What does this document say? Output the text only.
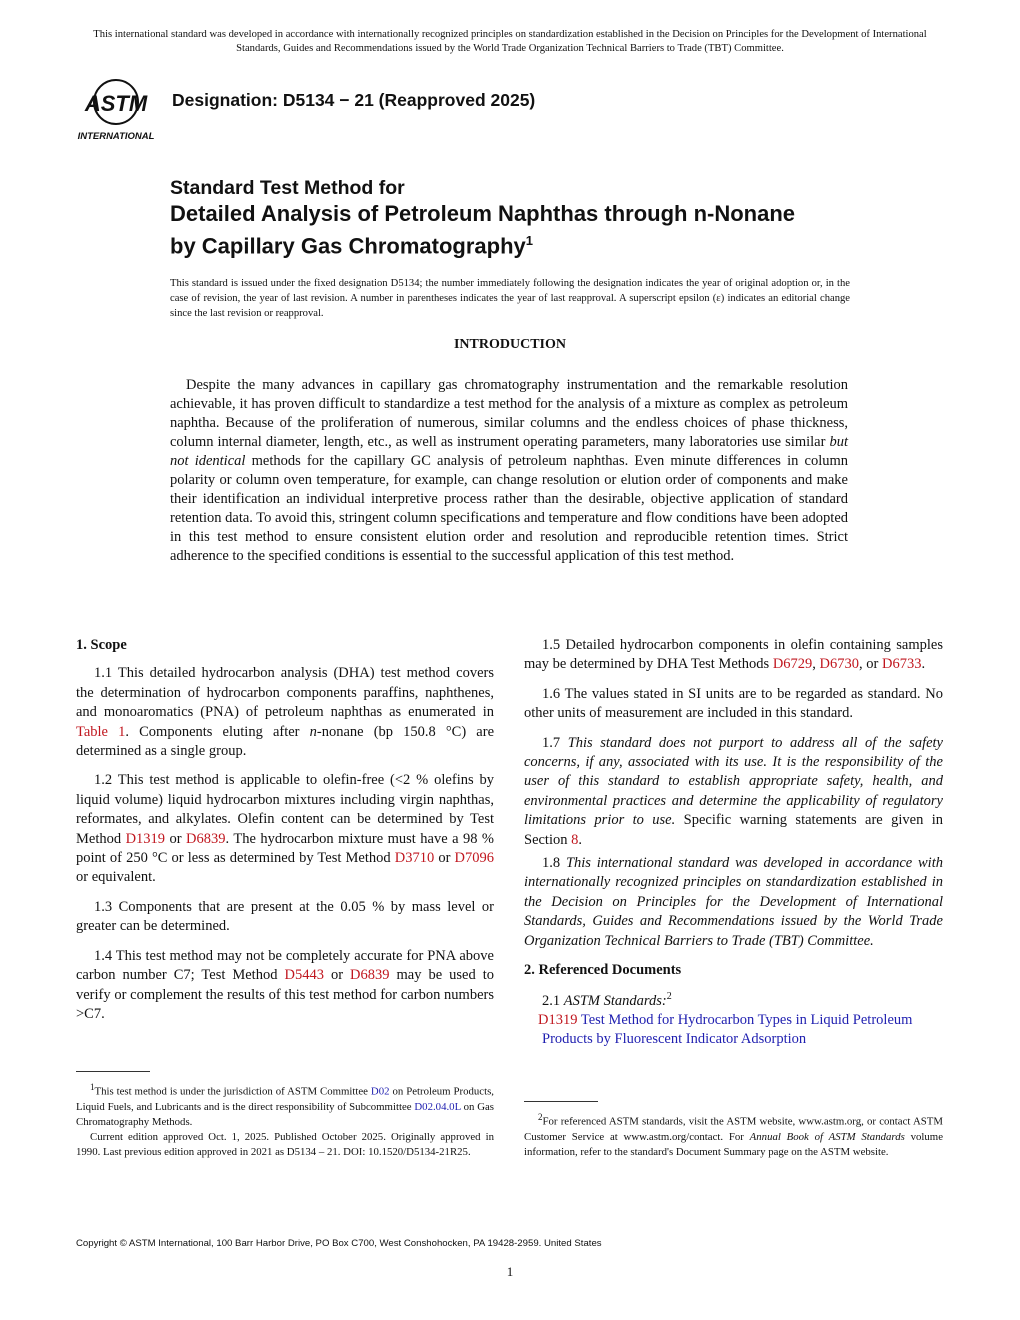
This international standard was developed in accordance with internationally recognized principles on standardization established in the Decision on Principles for the Development of International Standards, Guides and Recommendations issued by the World Trade Organization Technical Barriers to Trade (TBT) Committee.
ASTM
INTERNATIONAL
Designation: D5134 − 21 (Reapproved 2025)
Standard Test Method for
Detailed Analysis of Petroleum Naphthas through n-Nonane
by Capillary Gas Chromatography$^1$
This standard is issued under the fixed designation D5134; the number immediately following the designation indicates the year of original adoption or, in the case of revision, the year of last revision. A number in parentheses indicates the year of last reapproval. A superscript epsilon (ε) indicates an editorial change since the last revision or reapproval.
INTRODUCTION
Despite the many advances in capillary gas chromatography instrumentation and the remarkable resolution achievable, it has proven difficult to standardize a test method for the analysis of a mixture as complex as petroleum naphtha. Because of the proliferation of numerous, similar columns and the endless choices of phase thickness, column internal diameter, length, etc., as well as instrument operating parameters, many laboratories use similar but not identical methods for the capillary GC analysis of petroleum naphthas. Even minute differences in column polarity or column oven temperature, for example, can change resolution or elution order of components and make their identification an individual interpretive process rather than the desirable, objective application of standard retention data. To avoid this, stringent column specifications and temperature and flow conditions have been adopted in this test method to ensure consistent elution order and resolution and reproducible retention times. Strict adherence to the specified conditions is essential to the successful application of this test method.
1. Scope

1.1 This detailed hydrocarbon analysis (DHA) test method covers the determination of hydrocarbon components paraffins, naphthenes, and monoaromatics (PNA) of petroleum naphthas as enumerated in Table 1. Components eluting after n-nonane (bp 150.8 °C) are determined as a single group.

1.2 This test method is applicable to olefin-free (<2 % olefins by liquid volume) liquid hydrocarbon mixtures including virgin naphthas, reformates, and alkylates. Olefin content can be determined by Test Method D1319 or D6839. The hydrocarbon mixture must have a 98 % point of 250 °C or less as determined by Test Method D3710 or D7096 or equivalent.

1.3 Components that are present at the 0.05 % by mass level or greater can be determined.

1.4 This test method may not be completely accurate for PNA above carbon number C7; Test Method D5443 or D6839 may be used to verify or complement the results of this test method for carbon numbers >C7.

$^1$This test method is under the jurisdiction of ASTM Committee D02 on Petroleum Products, Liquid Fuels, and Lubricants and is the direct responsibility of Subcommittee D02.04.0L on Gas Chromatography Methods.

Current edition approved Oct. 1, 2025. Published October 2025. Originally approved in 1990. Last previous edition approved in 2021 as D5134 – 21. DOI: 10.1520/D5134-21R25.

1.5 Detailed hydrocarbon components in olefin containing samples may be determined by DHA Test Methods D6729, D6730, or D6733.

1.6 The values stated in SI units are to be regarded as standard. No other units of measurement are included in this standard.

1.7 This standard does not purport to address all of the safety concerns, if any, associated with its use. It is the responsibility of the user of this standard to establish appropriate safety, health, and environmental practices and determine the applicability of regulatory limitations prior to use. Specific warning statements are given in Section 8.

1.8 This international standard was developed in accordance with internationally recognized principles on standardization established in the Decision on Principles for the Development of International Standards, Guides and Recommendations issued by the World Trade Organization Technical Barriers to Trade (TBT) Committee.

2. Referenced Documents

2.1 ASTM Standards:$^2$

D1319 Test Method for Hydrocarbon Types in Liquid Petroleum Products by Fluorescent Indicator Adsorption

$^2$For referenced ASTM standards, visit the ASTM website, www.astm.org, or contact ASTM Customer Service at www.astm.org/contact. For Annual Book of ASTM Standards volume information, refer to the standard's Document Summary page on the ASTM website.

Copyright © ASTM International, 100 Barr Harbor Drive, PO Box C700, West Conshohocken, PA 19428-2959. United States
1
